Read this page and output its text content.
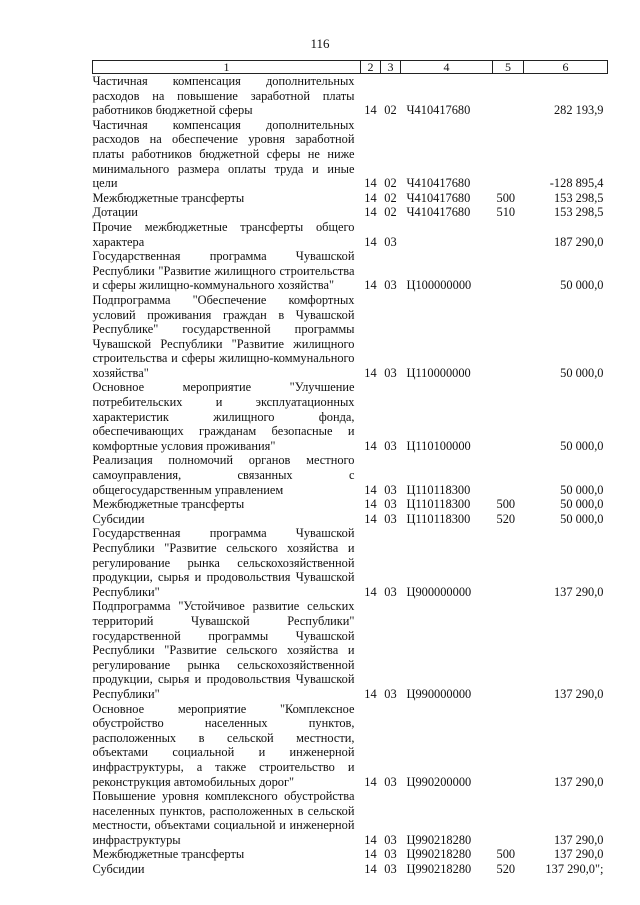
116
1	2	3	4	5	6
Частичная компенсация дополнительных расходов на повышение заработной платы работников бюджетной сферы	14	02	Ч410417680		282 193,9
Частичная компенсация дополнительных расходов на обеспечение уровня заработной платы работников бюджетной сферы не ниже минимального размера оплаты труда и иные цели	14	02	Ч410417680		-128 895,4
Межбюджетные трансферты	14	02	Ч410417680	500	153 298,5
Дотации	14	02	Ч410417680	510	153 298,5
Прочие межбюджетные трансферты общего характера	14	03			187 290,0
Государственная программа Чувашской Республики "Развитие жилищного строительства и сферы жилищно-коммунального хозяйства"	14	03	Ц100000000		50 000,0
Подпрограмма "Обеспечение комфортных условий проживания граждан в Чувашской Республике" государственной программы Чувашской Республики "Развитие жилищного строительства и сферы жилищно-коммунального хозяйства"	14	03	Ц110000000		50 000,0
Основное мероприятие "Улучшение потребительских и эксплуатационных характеристик жилищного фонда, обеспечивающих гражданам безопасные и комфортные условия проживания"	14	03	Ц110100000		50 000,0
Реализация полномочий органов местного самоуправления, связанных с общегосударственным управлением	14	03	Ц110118300		50 000,0
Межбюджетные трансферты	14	03	Ц110118300	500	50 000,0
Субсидии	14	03	Ц110118300	520	50 000,0
Государственная программа Чувашской Республики "Развитие сельского хозяйства и регулирование рынка сельскохозяйственной продукции, сырья и продовольствия Чувашской Республики"	14	03	Ц900000000		137 290,0
Подпрограмма "Устойчивое развитие сельских территорий Чувашской Республики" государственной программы Чувашской Республики "Развитие сельского хозяйства и регулирование рынка сельскохозяйственной продукции, сырья и продовольствия Чувашской Республики"	14	03	Ц990000000		137 290,0
Основное мероприятие "Комплексное обустройство населенных пунктов, расположенных в сельской местности, объектами социальной и инженерной инфраструктуры, а также строительство и реконструкция автомобильных дорог"	14	03	Ц990200000		137 290,0
Повышение уровня комплексного обустройства населенных пунктов, расположенных в сельской местности, объектами социальной и инженерной инфраструктуры	14	03	Ц990218280		137 290,0
Межбюджетные трансферты	14	03	Ц990218280	500	137 290,0
Субсидии	14	03	Ц990218280	520	137 290,0";
